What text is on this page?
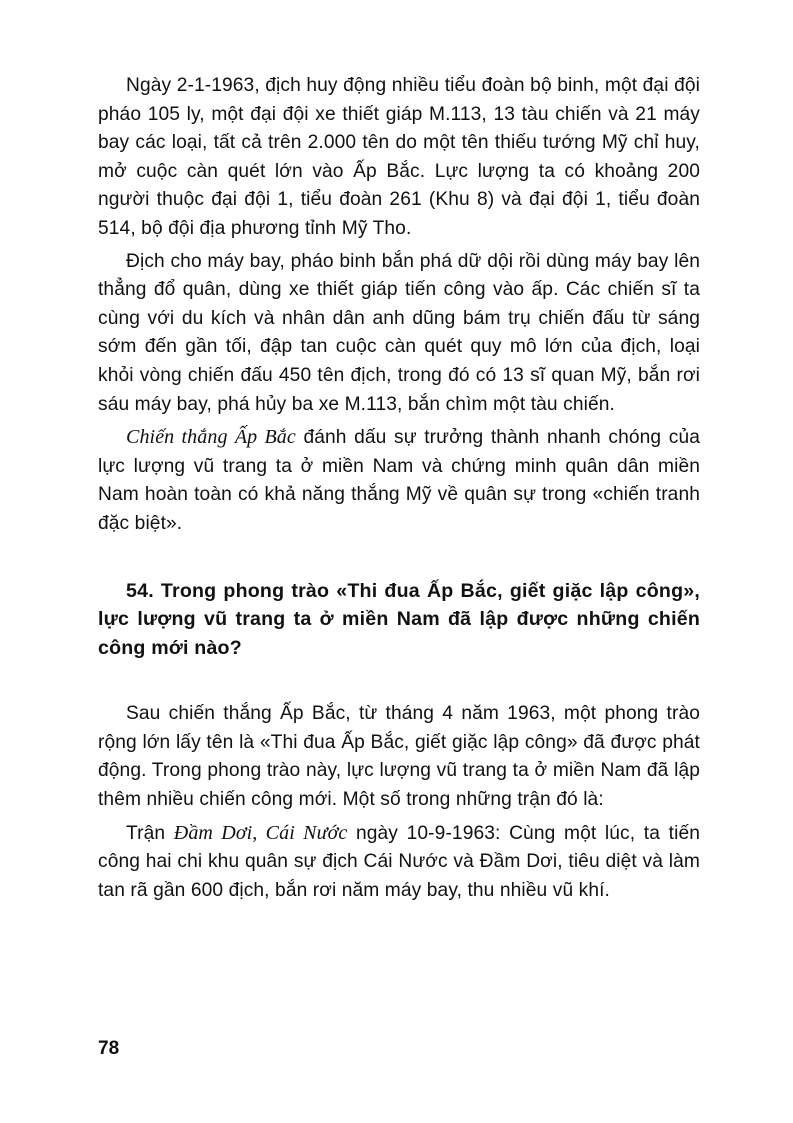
Ngày 2-1-1963, địch huy động nhiều tiểu đoàn bộ binh, một đại đội pháo 105 ly, một đại đội xe thiết giáp M.113, 13 tàu chiến và 21 máy bay các loại, tất cả trên 2.000 tên do một tên thiếu tướng Mỹ chỉ huy, mở cuộc càn quét lớn vào Ấp Bắc. Lực lượng ta có khoảng 200 người thuộc đại đội 1, tiểu đoàn 261 (Khu 8) và đại đội 1, tiểu đoàn 514, bộ đội địa phương tỉnh Mỹ Tho.

Địch cho máy bay, pháo binh bắn phá dữ dội rồi dùng máy bay lên thẳng đổ quân, dùng xe thiết giáp tiến công vào ấp. Các chiến sĩ ta cùng với du kích và nhân dân anh dũng bám trụ chiến đấu từ sáng sớm đến gần tối, đập tan cuộc càn quét quy mô lớn của địch, loại khỏi vòng chiến đấu 450 tên địch, trong đó có 13 sĩ quan Mỹ, bắn rơi sáu máy bay, phá hủy ba xe M.113, bắn chìm một tàu chiến.

Chiến thắng Ấp Bắc đánh dấu sự trưởng thành nhanh chóng của lực lượng vũ trang ta ở miền Nam và chứng minh quân dân miền Nam hoàn toàn có khả năng thắng Mỹ về quân sự trong «chiến tranh đặc biệt».

54. Trong phong trào «Thi đua Ấp Bắc, giết giặc lập công», lực lượng vũ trang ta ở miền Nam đã lập được những chiến công mới nào?

Sau chiến thắng Ấp Bắc, từ tháng 4 năm 1963, một phong trào rộng lớn lấy tên là «Thi đua Ấp Bắc, giết giặc lập công» đã được phát động. Trong phong trào này, lực lượng vũ trang ta ở miền Nam đã lập thêm nhiều chiến công mới. Một số trong những trận đó là:

Trận Đầm Dơi, Cái Nước ngày 10-9-1963: Cùng một lúc, ta tiến công hai chi khu quân sự địch Cái Nước và Đầm Dơi, tiêu diệt và làm tan rã gần 600 địch, bắn rơi năm máy bay, thu nhiều vũ khí.

78
